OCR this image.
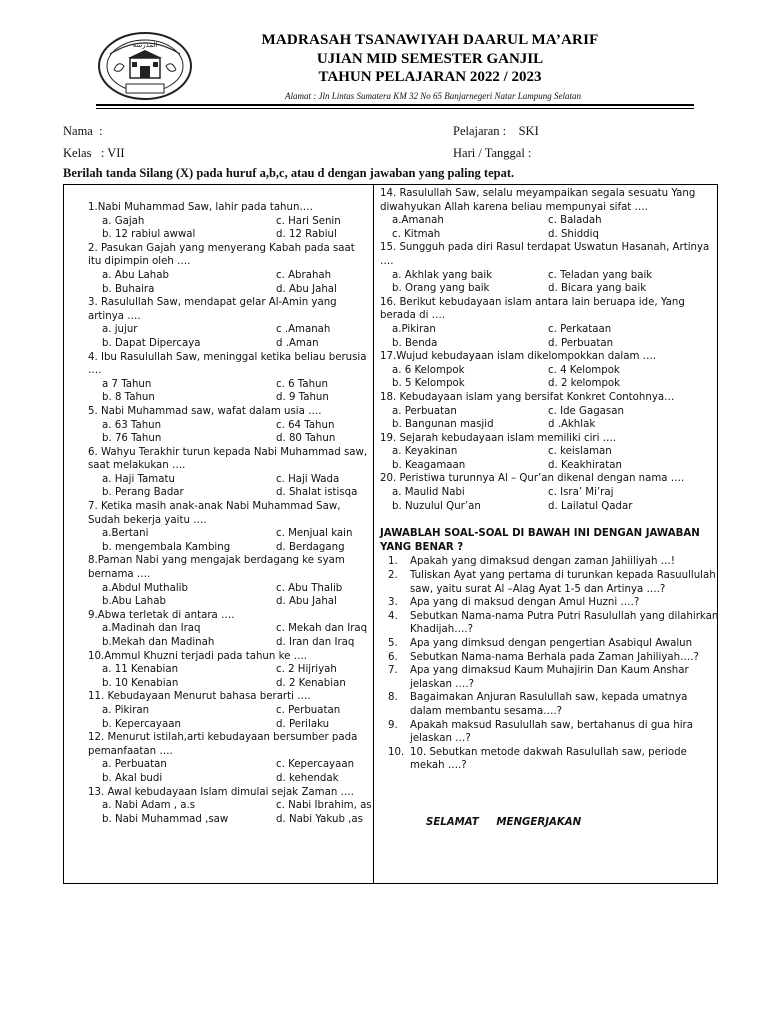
ﺍﻟﻤﺪﺭﺳﺔ	MADRASAH TSANAWIYAH DAARUL MA’ARIF
UJIAN MID SEMESTER GANJIL
TAHUN PELAJARAN 2022 / 2023
Alamat : Jln Lintas Sumatera KM 32 No 65 Banjarnegeri Natar Lampung Selatan
Nama  :
Kelas   : VII
Pelajaran :    SKI
Hari / Tanggal :
Berilah tanda Silang (X) pada huruf a,b,c, atau d dengan jawaban yang paling tepat.
1.Nabi Muhammad Saw, lahir pada tahun….
a. Gajah	c. Hari Senin
b. 12 rabiul awwal	d. 12 Rabiul
2. Pasukan Gajah yang menyerang Kabah pada saat itu dipimpin oleh ….
a. Abu Lahab	c. Abrahah
b. Buhaira	d. Abu Jahal
3. Rasulullah Saw, mendapat gelar Al-Amin yang artinya ….
a. jujur	c .Amanah
b. Dapat Dipercaya	d .Aman
4. Ibu Rasulullah Saw, meninggal ketika beliau berusia ….
a 7 Tahun	c. 6 Tahun
b. 8 Tahun	d. 9 Tahun
5. Nabi Muhammad saw, wafat dalam usia ….
a. 63 Tahun	c. 64 Tahun
b. 76 Tahun	d. 80 Tahun
6. Wahyu Terakhir turun kepada Nabi Muhammad saw, saat melakukan ….
a. Haji Tamatu	c. Haji Wada
b. Perang Badar	d. Shalat istisqa
7. Ketika masih anak-anak Nabi Muhammad Saw, Sudah bekerja yaitu ….
a.Bertani	c. Menjual kain
b. mengembala Kambing	d. Berdagang
8.Paman Nabi yang mengajak berdagang ke syam bernama ….
a.Abdul Muthalib	c. Abu Thalib
b.Abu Lahab	d. Abu Jahal
9.Abwa terletak di antara ….
a.Madinah dan Iraq	c. Mekah dan Iraq
b.Mekah dan Madinah	d. Iran dan Iraq
10.Ammul Khuzni terjadi pada tahun ke ….
a. 11 Kenabian	c. 2 Hijriyah
b. 10 Kenabian	d. 2 Kenabian
11. Kebudayaan Menurut bahasa berarti ….
a. Pikiran	c. Perbuatan
b. Kepercayaan	d. Perilaku
12. Menurut istilah,arti kebudayaan bersumber pada pemanfaatan ….
a. Perbuatan	c. Kepercayaan
b. Akal budi	d. kehendak
13. Awal kebudayaan Islam dimulai sejak Zaman ….
a. Nabi Adam , a.s	c. Nabi Ibrahim, as
b. Nabi Muhammad ,saw	d. Nabi Yakub ,as
14. Rasulullah Saw, selalu meyampaikan segala sesuatu Yang diwahyukan Allah karena beliau mempunyai sifat ….
a.Amanah	c. Baladah
c. Kitmah	d. Shiddiq
15. Sungguh pada diri Rasul terdapat Uswatun Hasanah, Artinya ….
a. Akhlak yang baik	c. Teladan yang baik
b. Orang yang baik	d. Bicara yang baik
16. Berikut kebudayaan islam antara lain beruapa ide, Yang berada di ….
a.Pikiran	c. Perkataan
b. Benda	d. Perbuatan
17.Wujud kebudayaan islam dikelompokkan dalam ….
a. 6 Kelompok	c. 4 Kelompok
b. 5 Kelompok	d. 2 kelompok
18. Kebudayaan islam yang bersifat Konkret Contohnya…
a. Perbuatan	c. Ide Gagasan
b. Bangunan masjid	d .Akhlak
19. Sejarah kebudayaan islam memiliki ciri ….
a. Keyakinan	c. keislaman
b. Keagamaan	d. Keakhiratan
20. Peristiwa turunnya Al – Qur’an dikenal dengan nama ….
a. Maulid Nabi	c. Isra’ Mi’raj
b. Nuzulul Qur’an	d. Lailatul Qadar
JAWABLAH SOAL-SOAL DI BAWAH INI DENGAN JAWABAN YANG BENAR ?
1. Apakah yang dimaksud dengan zaman Jahiiliyah …!
2. Tuliskan Ayat yang pertama di turunkan kepada Rasuullulah saw, yaitu surat Al –Alag Ayat 1-5 dan Artinya ….?
3. Apa yang di maksud dengan Amul Huzni ….?
4. Sebutkan Nama-nama Putra Putri Rasulullah yang dilahirkan Khadijah….?
5. Apa yang dimksud dengan pengertian Asabiqul Awalun
6. Sebutkan Nama-nama Berhala pada Zaman Jahiliyah….?
7. Apa yang dimaksud Kaum Muhajirin Dan Kaum Anshar jelaskan ….?
8. Bagaimakan Anjuran Rasulullah saw, kepada umatnya dalam membantu sesama….?
9. Apakah maksud Rasulullah saw, bertahanus di gua hira jelaskan …?
10. 10. Sebutkan metode dakwah Rasulullah saw, periode mekah ….?
SELAMAT     MENGERJAKAN
